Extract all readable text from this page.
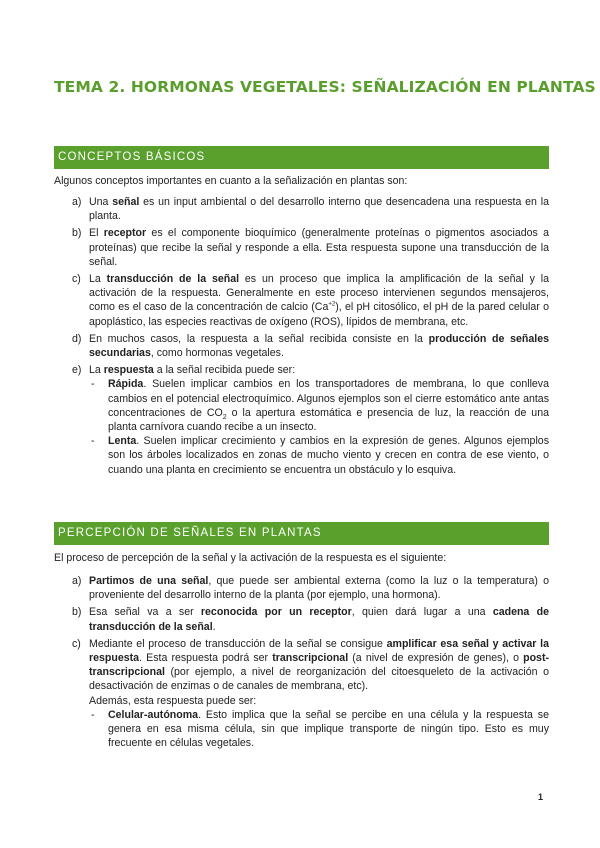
TEMA 2. HORMONAS VEGETALES: SEÑALIZACIÓN EN PLANTAS
CONCEPTOS BÁSICOS
Algunos conceptos importantes en cuanto a la señalización en plantas son:
a) Una señal es un input ambiental o del desarrollo interno que desencadena una respuesta en la planta.
b) El receptor es el componente bioquímico (generalmente proteínas o pigmentos asociados a proteínas) que recibe la señal y responde a ella. Esta respuesta supone una transducción de la señal.
c) La transducción de la señal es un proceso que implica la amplificación de la señal y la activación de la respuesta. Generalmente en este proceso intervienen segundos mensajeros, como es el caso de la concentración de calcio $(Ca^{+2})$, el pH citosólico, el pH de la pared celular o apoplástico, las especies reactivas de oxígeno (ROS), lípidos de membrana, etc.
d) En muchos casos, la respuesta a la señal recibida consiste en la producción de señales secundarias, como hormonas vegetales.
e) La respuesta a la señal recibida puede ser:
- Rápida. Suelen implicar cambios en los transportadores de membrana, lo que conlleva cambios en el potencial electroquímico. Algunos ejemplos son el cierre estomático ante antas concentraciones de $CO_2$ o la apertura estomática e presencia de luz, la reacción de una planta carnívora cuando recibe a un insecto.
- Lenta. Suelen implicar crecimiento y cambios en la expresión de genes. Algunos ejemplos son los árboles localizados en zonas de mucho viento y crecen en contra de ese viento, o cuando una planta en crecimiento se encuentra un obstáculo y lo esquiva.
PERCEPCIÓN DE SEÑALES EN PLANTAS
El proceso de percepción de la señal y la activación de la respuesta es el siguiente:
a) Partimos de una señal, que puede ser ambiental externa (como la luz o la temperatura) o proveniente del desarrollo interno de la planta (por ejemplo, una hormona).
b) Esa señal va a ser reconocida por un receptor, quien dará lugar a una cadena de transducción de la señal.
c) Mediante el proceso de transducción de la señal se consigue amplificar esa señal y activar la respuesta. Esta respuesta podrá ser transcripcional (a nivel de expresión de genes), o post-transcripcional (por ejemplo, a nivel de reorganización del citoesqueleto de la activación o desactivación de enzimas o de canales de membrana, etc).
Además, esta respuesta puede ser:
- Celular-autónoma. Esto implica que la señal se percibe en una célula y la respuesta se genera en esa misma célula, sin que implique transporte de ningún tipo. Esto es muy frecuente en células vegetales.
1
